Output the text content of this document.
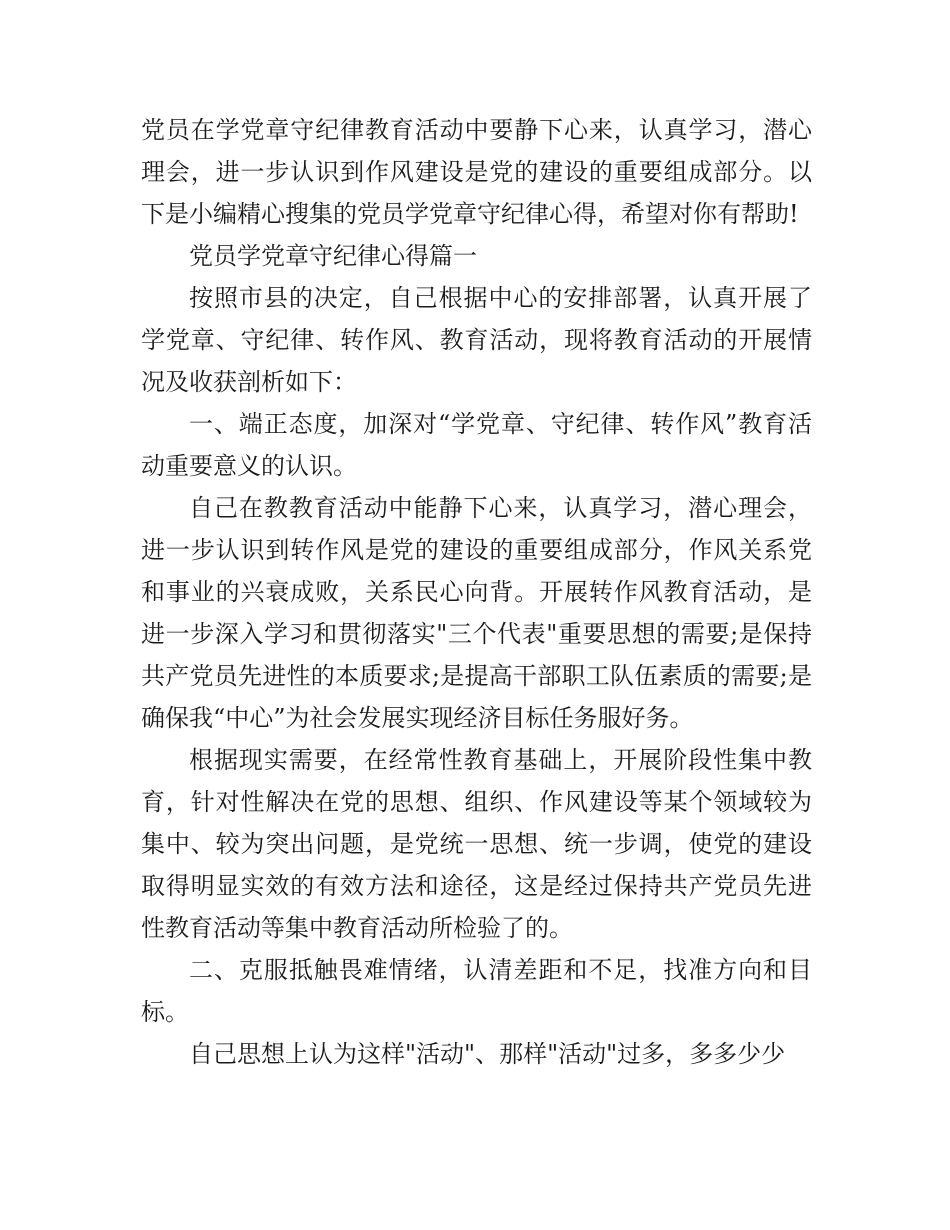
党员在学党章守纪律教育活动中要静下心来，认真学习，潜心理会，进一步认识到作风建设是党的建设的重要组成部分。以下是小编精心搜集的党员学党章守纪律心得，希望对你有帮助!

党员学党章守纪律心得篇一

按照市县的决定，自己根据中心的安排部署，认真开展了学党章、守纪律、转作风、教育活动，现将教育活动的开展情况及收获剖析如下：

一、端正态度，加深对“学党章、守纪律、转作风”教育活动重要意义的认识。

自己在教教育活动中能静下心来，认真学习，潜心理会，进一步认识到转作风是党的建设的重要组成部分，作风关系党和事业的兴衰成败，关系民心向背。开展转作风教育活动，是进一步深入学习和贯彻落实"三个代表"重要思想的需要;是保持共产党员先进性的本质要求;是提高干部职工队伍素质的需要;是确保我“中心”为社会发展实现经济目标任务服好务。

根据现实需要，在经常性教育基础上，开展阶段性集中教育，针对性解决在党的思想、组织、作风建设等某个领域较为集中、较为突出问题，是党统一思想、统一步调，使党的建设取得明显实效的有效方法和途径，这是经过保持共产党员先进性教育活动等集中教育活动所检验了的。

二、克服抵触畏难情绪，认清差距和不足，找准方向和目标。

自己思想上认为这样"活动"、那样"活动"过多，多多少少
